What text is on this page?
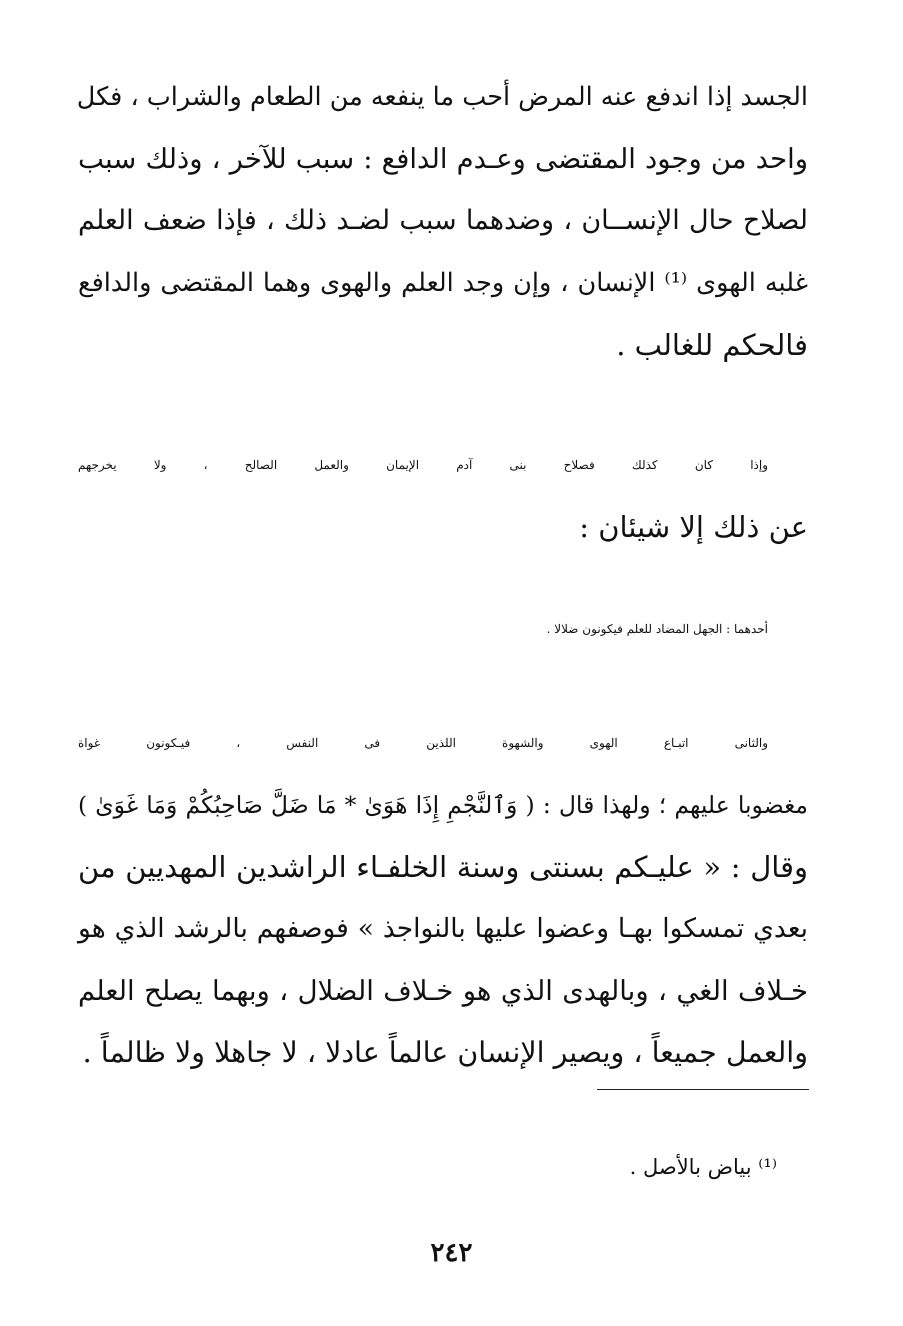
الجسد إذا اندفع عنه المرض أحب ما ينفعه من الطعام والشراب ، فكل
واحد من وجود المقتضى وعـدم الدافع : سبب للآخر ، وذلك سبب
لصلاح حال الإنســان ، وضدهما سبب لضـد ذلك ، فإذا ضعف العلم
غلبه الهوى ⁽¹⁾ الإنسان ، وإن وجد العلم والهوى وهما المقتضى والدافع
فالحكم للغالب .
وإذا كان كذلك فصلاح بنى آدم الإيمان والعمل الصالح ، ولا يخرجهم
عن ذلك إلا شيئان :
أحدهما : الجهل المضاد للعلم فيكونون ضلالا .
والثانى اتبـاع الهوى والشهوة اللذين فى النفس ، فيـكونون غواة
مغضوبا عليهم ؛ ولهذا قال : ( وَٱلنَّجْمِ إِذَا هَوَىٰ * مَا ضَلَّ صَاحِبُكُمْ وَمَا غَوَىٰ )
وقال : « عليـكم بسنتى وسنة الخلفـاء الراشدين المهديين من
بعدي تمسكوا بهـا وعضوا عليها بالنواجذ » فوصفهم بالرشد الذي هو
خـلاف الغي ، وبالهدى الذي هو خـلاف الضلال ، وبهما يصلح العلم
والعمل جميعاً ، ويصير الإنسان عالماً عادلا ، لا جاهلا ولا ظالماً .
⁽¹⁾ بياض بالأصل .
٢٤٢
